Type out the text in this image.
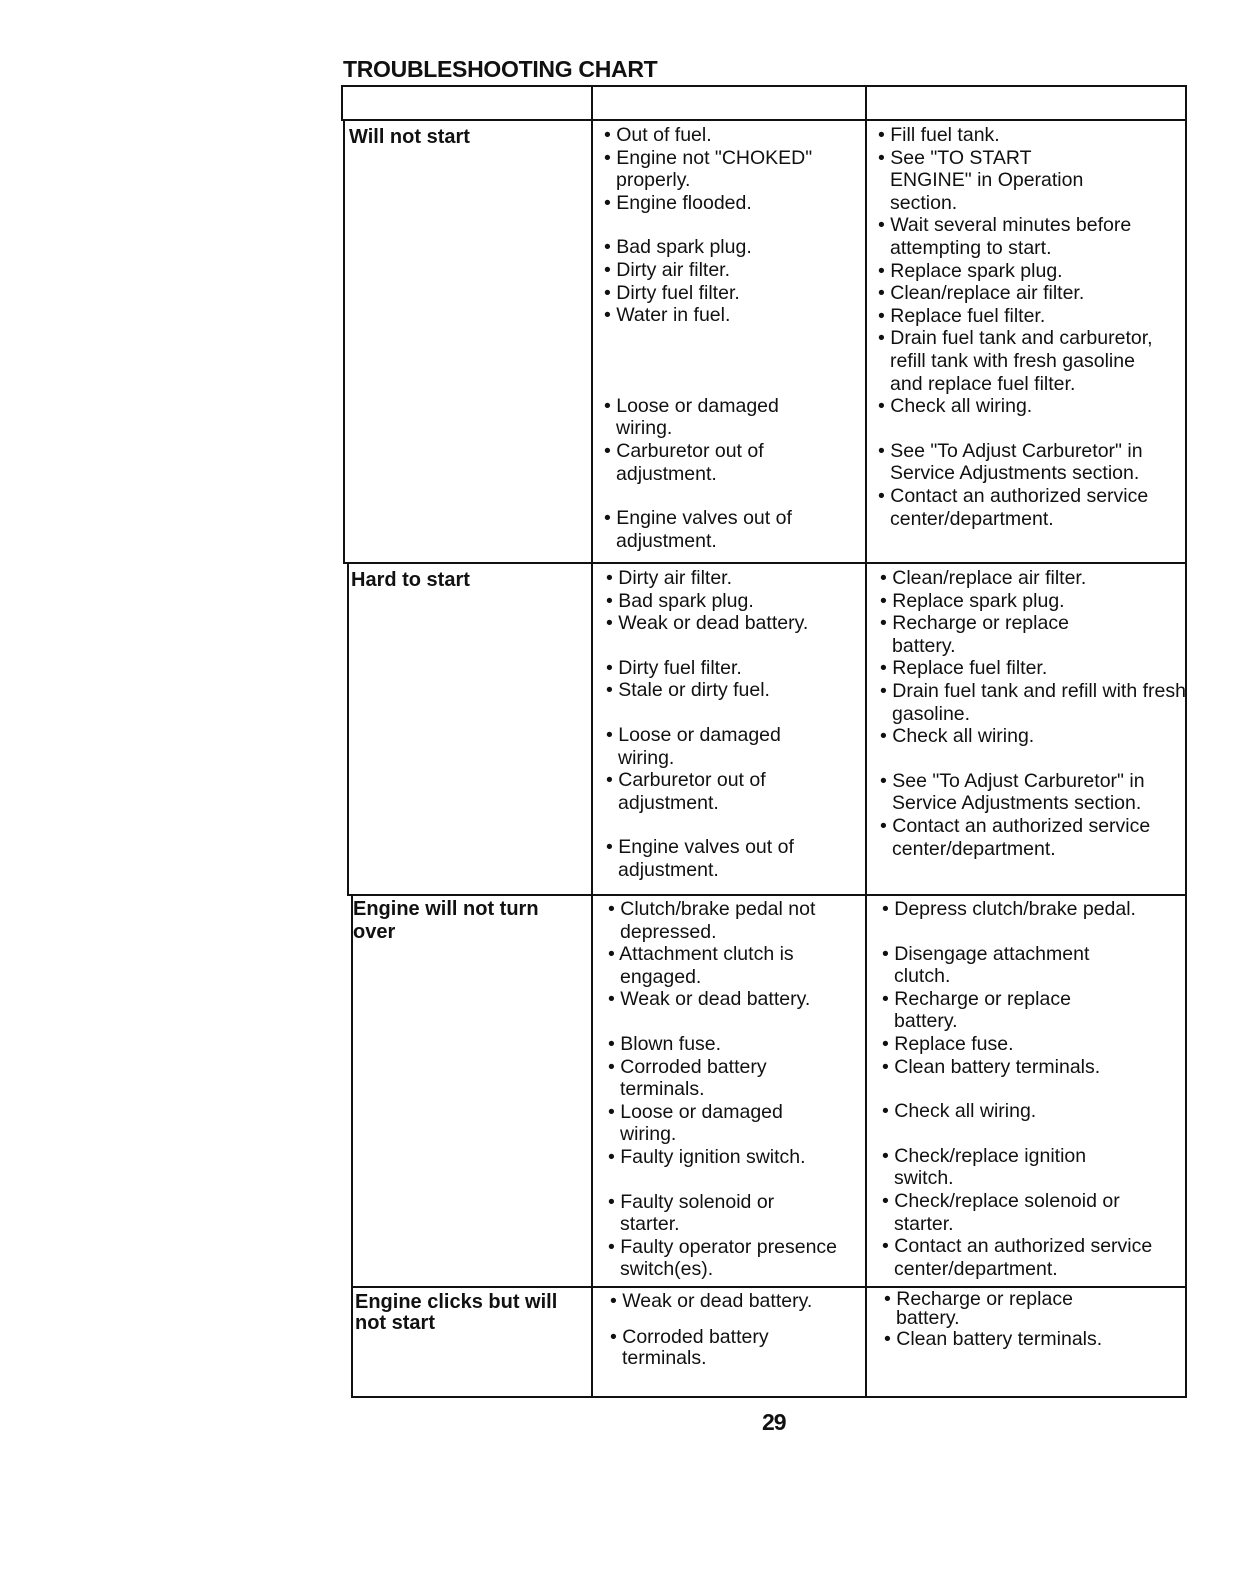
TROUBLESHOOTING CHART
Will not start	• Out of fuel.
• Engine not "CHOKED" properly.
• Engine flooded.
• Bad spark plug.
• Dirty air filter.
• Dirty fuel filter.
• Water in fuel.
• Loose or damaged wiring.
• Carburetor out of adjustment.
• Engine valves out of adjustment.
• Fill fuel tank.
• See "TO START ENGINE" in Operation section.
• Wait several minutes before attempting to start.
• Replace spark plug.
• Clean/replace air filter.
• Replace fuel filter.
• Drain fuel tank and carburetor, refill tank with fresh gasoline and replace fuel filter.
• Check all wiring.
• See "To Adjust Carburetor" in Service Adjustments section.
• Contact an authorized service center/department.
Hard to start	• Dirty air filter.
• Bad spark plug.
• Weak or dead battery.
• Dirty fuel filter.
• Stale or dirty fuel.
• Loose or damaged wiring.
• Carburetor out of adjustment.
• Engine valves out of adjustment.
• Clean/replace air filter.
• Replace spark plug.
• Recharge or replace battery.
• Replace fuel filter.
• Drain fuel tank and refill with fresh gasoline.
• Check all wiring.
• See "To Adjust Carburetor" in Service Adjustments section.
• Contact an authorized service center/department.
Engine will not turn over
• Clutch/brake pedal not depressed.
• Attachment clutch is engaged.
• Weak or dead battery.
• Blown fuse.
• Corroded battery terminals.
• Loose or damaged wiring.
• Faulty ignition switch.
• Faulty solenoid or starter.
• Faulty operator presence switch(es).
• Depress clutch/brake pedal.
• Disengage attachment clutch.
• Recharge or replace battery.
• Replace fuse.
• Clean battery terminals.
• Check all wiring.
• Check/replace ignition switch.
• Check/replace solenoid or starter.
• Contact an authorized service center/department.
Engine clicks but will not start
• Weak or dead battery.
• Corroded battery terminals.
• Recharge or replace battery.
• Clean battery terminals.
29
